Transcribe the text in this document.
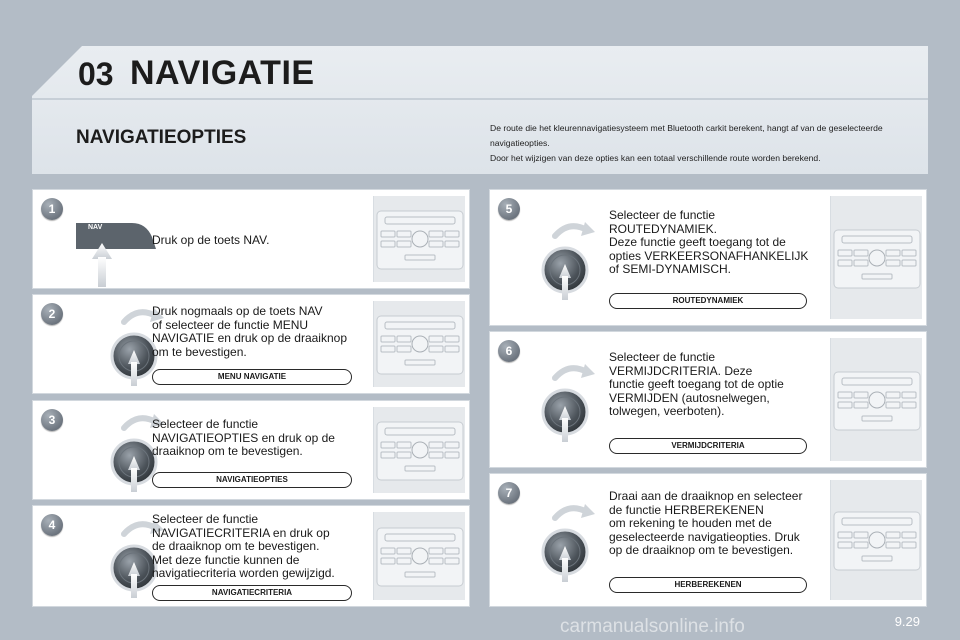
03 NAVIGATIE
NAVIGATIEOPTIES	De route die het kleurennavigatiesysteem met Bluetooth carkit berekent, hangt af van de geselecteerde navigatieopties.

Door het wijzigen van deze opties kan een totaal verschillende route worden berekend.

carmanualsonline.info	9.29
1
NAV
Druk op de toets NAV.
2	Druk nogmaals op de toets NAV
of selecteer de functie MENU
NAVIGATIE en druk op de draaiknop
om te bevestigen.
MENU NAVIGATIE
3	Selecteer de functie
NAVIGATIEOPTIES en druk op de
draaiknop om te bevestigen.
NAVIGATIEOPTIES
4	Selecteer de functie
NAVIGATIECRITERIA en druk op
de draaiknop om te bevestigen.
Met deze functie kunnen de
navigatiecriteria worden gewijzigd.
NAVIGATIECRITERIA
5	Selecteer de functie
ROUTEDYNAMIEK.
Deze functie geeft toegang tot de
opties VERKEERSONAFHANKELIJK
of SEMI-DYNAMISCH.
ROUTEDYNAMIEK
6	Selecteer de functie
VERMIJDCRITERIA. Deze
functie geeft toegang tot de optie
VERMIJDEN (autosnelwegen,
tolwegen, veerboten).
VERMIJDCRITERIA
7	Draai aan de draaiknop en selecteer
de functie HERBEREKENEN
om rekening te houden met de
geselecteerde navigatieopties. Druk
op de draaiknop om te bevestigen.
HERBEREKENEN
